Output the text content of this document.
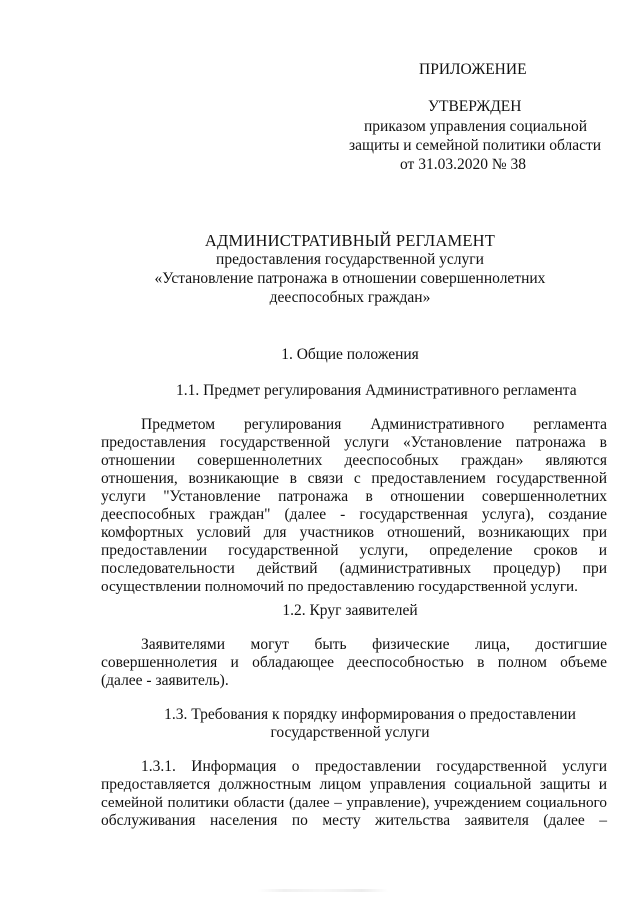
ПРИЛОЖЕНИЕ
УТВЕРЖДЕН
приказом управления социальной
защиты и семейной политики области
от 31.03.2020 № 38
АДМИНИСТРАТИВНЫЙ РЕГЛАМЕНТ
предоставления государственной услуги
«Установление патронажа в отношении совершеннолетних
дееспособных граждан»
1. Общие положения
1.1. Предмет регулирования Административного регламента
Предметом регулирования Административного регламента
предоставления государственной услуги «Установление патронажа в
отношении совершеннолетних дееспособных граждан» являются
отношения, возникающие в связи с предоставлением государственной
услуги "Установление патронажа в отношении совершеннолетних
дееспособных граждан" (далее - государственная услуга), создание
комфортных условий для участников отношений, возникающих при
предоставлении государственной услуги, определение сроков и
последовательности действий (административных процедур) при
осуществлении полномочий по предоставлению государственной услуги.
1.2. Круг заявителей
Заявителями могут быть физические лица, достигшие
совершеннолетия и обладающее дееспособностью в полном объеме
(далее - заявитель).
1.3. Требования к порядку информирования о предоставлении
государственной услуги
1.3.1. Информация о предоставлении государственной услуги
предоставляется должностным лицом управления социальной защиты и
семейной политики области (далее – управление), учреждением социального
обслуживания населения по месту жительства заявителя (далее –
